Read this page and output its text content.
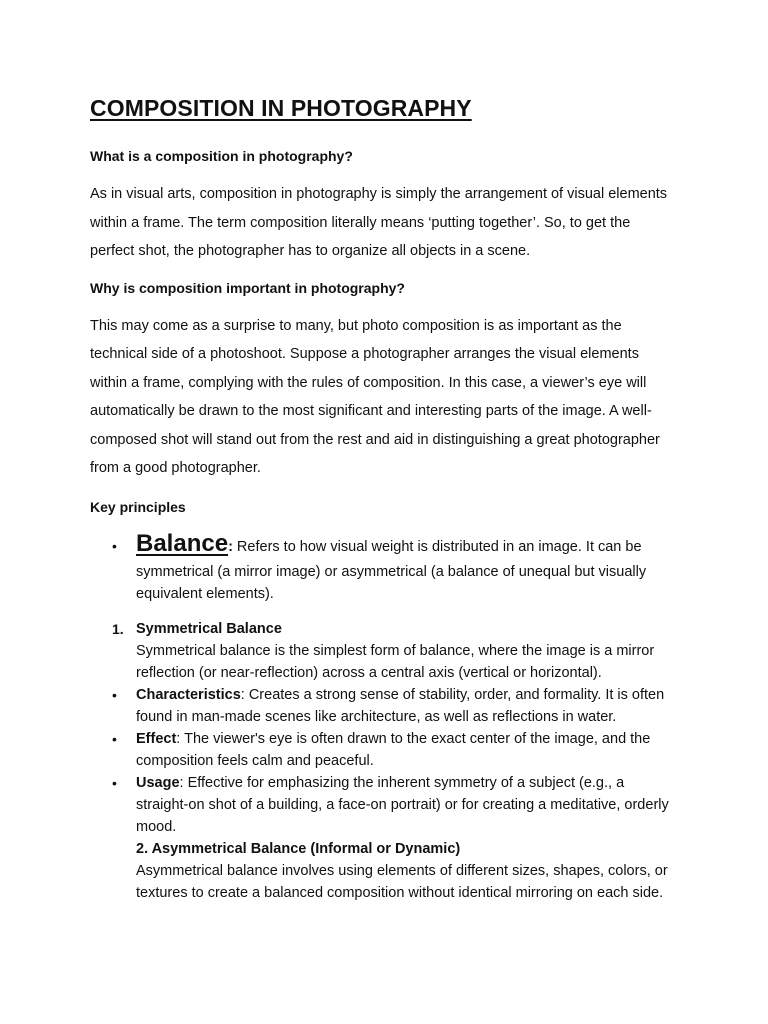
COMPOSITION IN PHOTOGRAPHY

What is a composition in photography?

As in visual arts, composition in photography is simply the arrangement of visual elements
within a frame. The term composition literally means ‘putting together’. So, to get the
perfect shot, the photographer has to organize all objects in a scene.

Why is composition important in photography?

This may come as a surprise to many, but photo composition is as important as the
technical side of a photoshoot. Suppose a photographer arranges the visual elements
within a frame, complying with the rules of composition. In this case, a viewer’s eye will
automatically be drawn to the most significant and interesting parts of the image. A well-
composed shot will stand out from the rest and aid in distinguishing a great photographer
from a good photographer.

Key principles

• Balance: Refers to how visual weight is distributed in an image. It can be
symmetrical (a mirror image) or asymmetrical (a balance of unequal but visually
equivalent elements).
1. Symmetrical Balance
Symmetrical balance is the simplest form of balance, where the image is a mirror
reflection (or near-reflection) across a central axis (vertical or horizontal).
• Characteristics: Creates a strong sense of stability, order, and formality. It is often
found in man-made scenes like architecture, as well as reflections in water.
• Effect: The viewer's eye is often drawn to the exact center of the image, and the
composition feels calm and peaceful.
• Usage: Effective for emphasizing the inherent symmetry of a subject (e.g., a
straight-on shot of a building, a face-on portrait) or for creating a meditative, orderly
mood.
2. Asymmetrical Balance (Informal or Dynamic)
Asymmetrical balance involves using elements of different sizes, shapes, colors, or
textures to create a balanced composition without identical mirroring on each side.
